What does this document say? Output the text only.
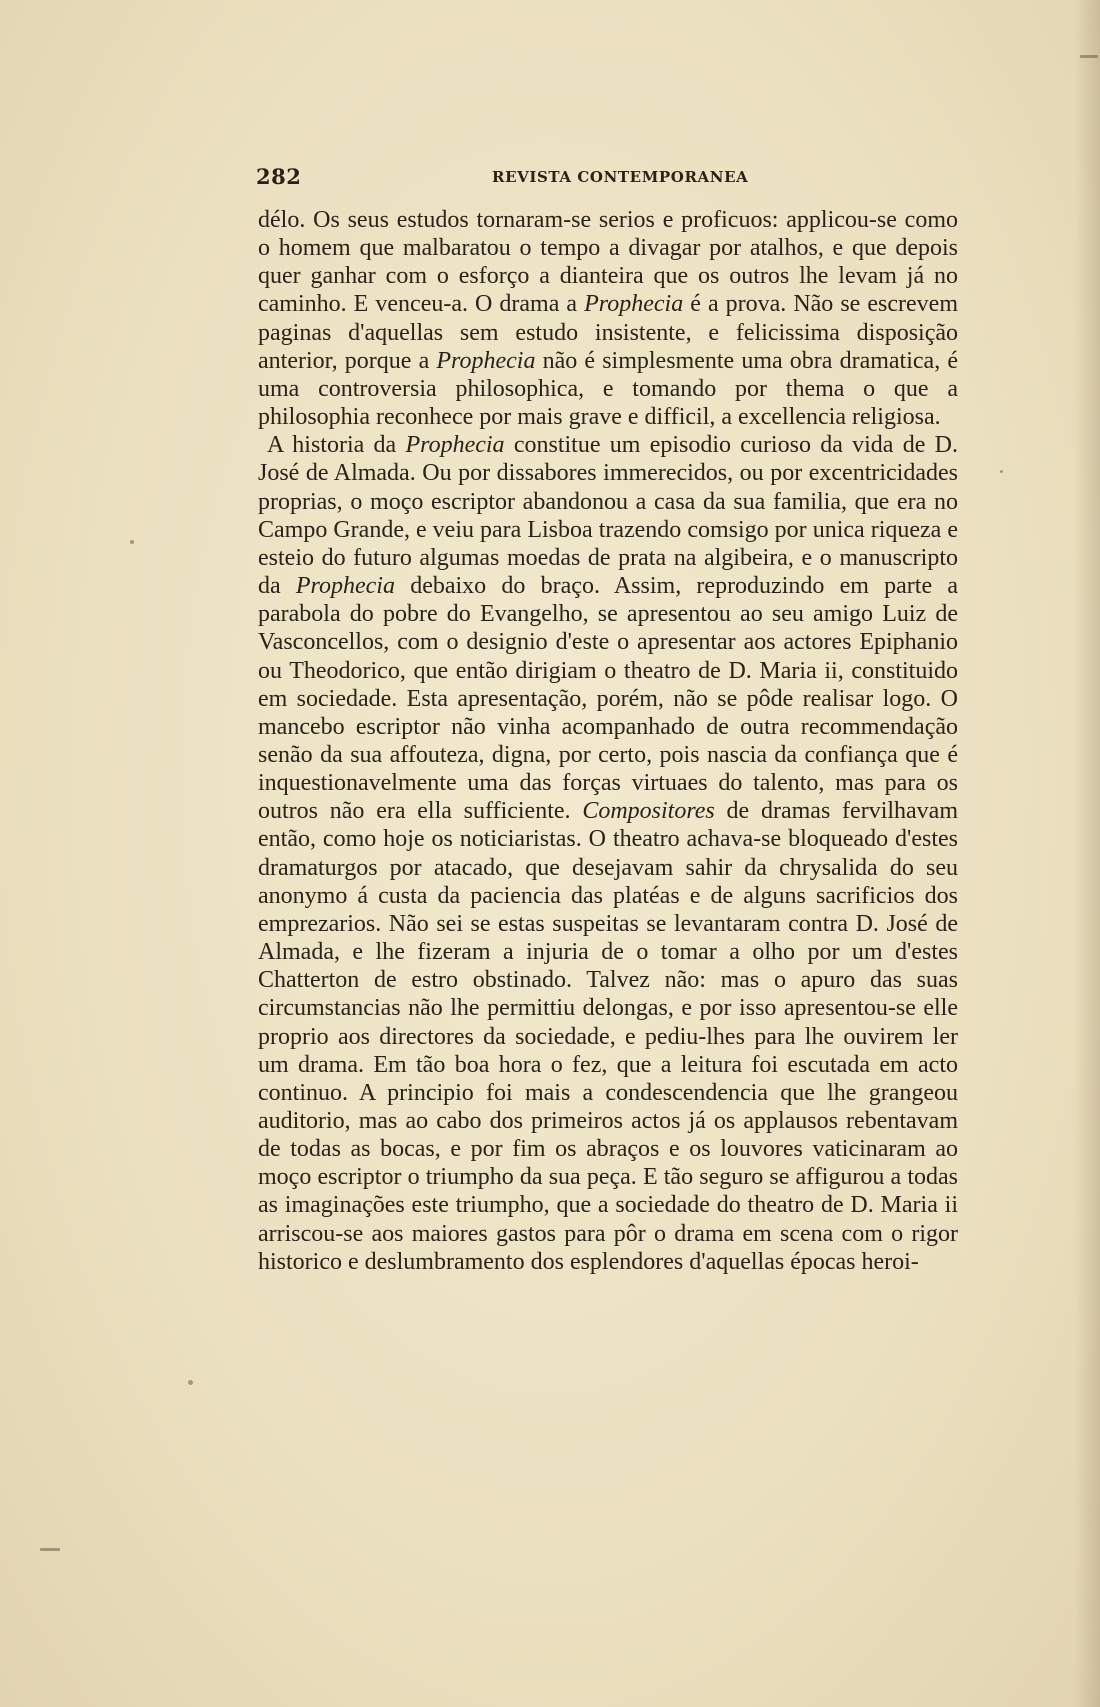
282	REVISTA CONTEMPORANEA

délo. Os seus estudos tornaram-se serios e proficuos: applicou-se como o homem que malbaratou o tempo a divagar por atalhos, e que depois quer ganhar com o esforço a dianteira que os outros lhe levam já no caminho. E venceu-a. O drama a Prophecia é a prova. Não se escrevem paginas d'aquellas sem estudo insistente, e felicissima disposição anterior, porque a Prophecia não é simplesmente uma obra dramatica, é uma controversia philosophica, e tomando por thema o que a philosophia reconhece por mais grave e difficil, a excellencia religiosa.

A historia da Prophecia constitue um episodio curioso da vida de D. José de Almada. Ou por dissabores immerecidos, ou por excentricidades proprias, o moço escriptor abandonou a casa da sua familia, que era no Campo Grande, e veiu para Lisboa trazendo comsigo por unica riqueza e esteio do futuro algumas moedas de prata na algibeira, e o manuscripto da Prophecia debaixo do braço. Assim, reproduzindo em parte a parabola do pobre do Evangelho, se apresentou ao seu amigo Luiz de Vasconcellos, com o designio d'este o apresentar aos actores Epiphanio ou Theodorico, que então dirigiam o theatro de D. Maria ii, constituido em sociedade. Esta apresentação, porém, não se pôde realisar logo. O mancebo escriptor não vinha acompanhado de outra recommendação senão da sua affouteza, digna, por certo, pois nascia da confiança que é inquestionavelmente uma das forças virtuaes do talento, mas para os outros não era ella sufficiente. Compositores de dramas fervilhavam então, como hoje os noticiaristas. O theatro achava-se bloqueado d'estes dramaturgos por atacado, que desejavam sahir da chrysalida do seu anonymo á custa da paciencia das platéas e de alguns sacrificios dos emprezarios. Não sei se estas suspeitas se levantaram contra D. José de Almada, e lhe fizeram a injuria de o tomar a olho por um d'estes Chatterton de estro obstinado. Talvez não: mas o apuro das suas circumstancias não lhe permittiu delongas, e por isso apresentou-se elle proprio aos directores da sociedade, e pediu-lhes para lhe ouvirem ler um drama. Em tão boa hora o fez, que a leitura foi escutada em acto continuo. A principio foi mais a condescendencia que lhe grangeou auditorio, mas ao cabo dos primeiros actos já os applausos rebentavam de todas as bocas, e por fim os abraços e os louvores vaticinaram ao moço escriptor o triumpho da sua peça. E tão seguro se affigurou a todas as imaginações este triumpho, que a sociedade do theatro de D. Maria ii arriscou-se aos maiores gastos para pôr o drama em scena com o rigor historico e deslumbramento dos esplendores d'aquellas épocas heroi-
